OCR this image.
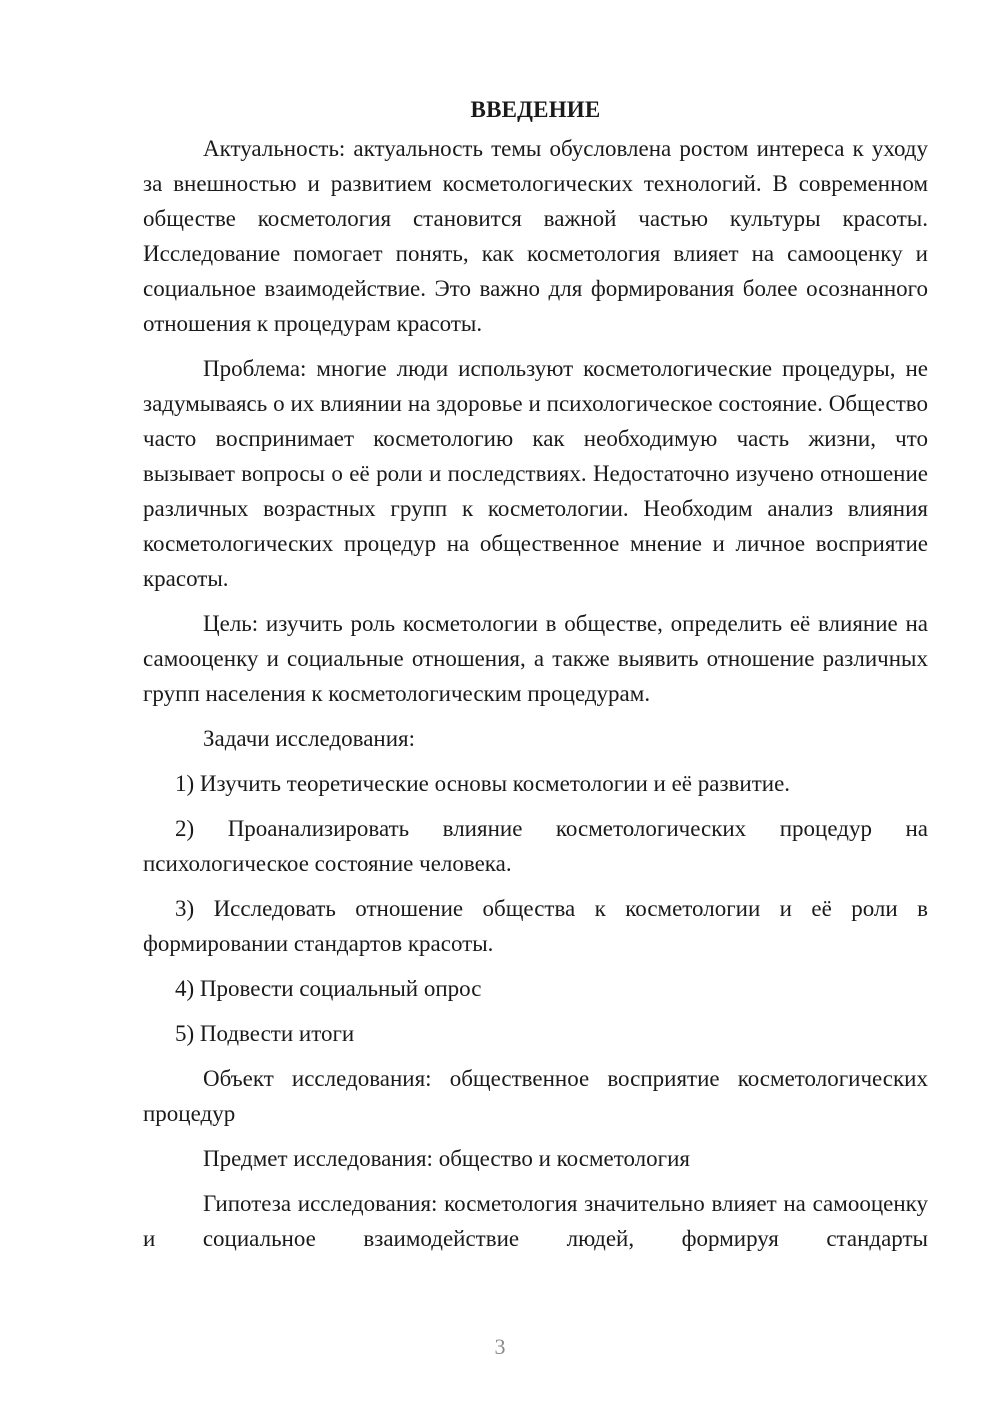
ВВЕДЕНИЕ

Актуальность: актуальность темы обусловлена ростом интереса к уходу за внешностью и развитием косметологических технологий. В современном обществе косметология становится важной частью культуры красоты. Исследование помогает понять, как косметология влияет на самооценку и социальное взаимодействие. Это важно для формирования более осознанного отношения к процедурам красоты.

Проблема: многие люди используют косметологические процедуры, не задумываясь о их влиянии на здоровье и психологическое состояние. Общество часто воспринимает косметологию как необходимую часть жизни, что вызывает вопросы о её роли и последствиях. Недостаточно изучено отношение различных возрастных групп к косметологии. Необходим анализ влияния косметологических процедур на общественное мнение и личное восприятие красоты.

Цель: изучить роль косметологии в обществе, определить её влияние на самооценку и социальные отношения, а также выявить отношение различных групп населения к косметологическим процедурам.

Задачи исследования:

1) Изучить теоретические основы косметологии и её развитие.

2) Проанализировать влияние косметологических процедур на психологическое состояние человека.

3) Исследовать отношение общества к косметологии и её роли в формировании стандартов красоты.

4) Провести социальный опрос

5) Подвести итоги

Объект исследования: общественное восприятие косметологических процедур

Предмет исследования: общество и косметология

Гипотеза исследования: косметология значительно влияет на самооценку и социальное взаимодействие людей, формируя стандарты

3
